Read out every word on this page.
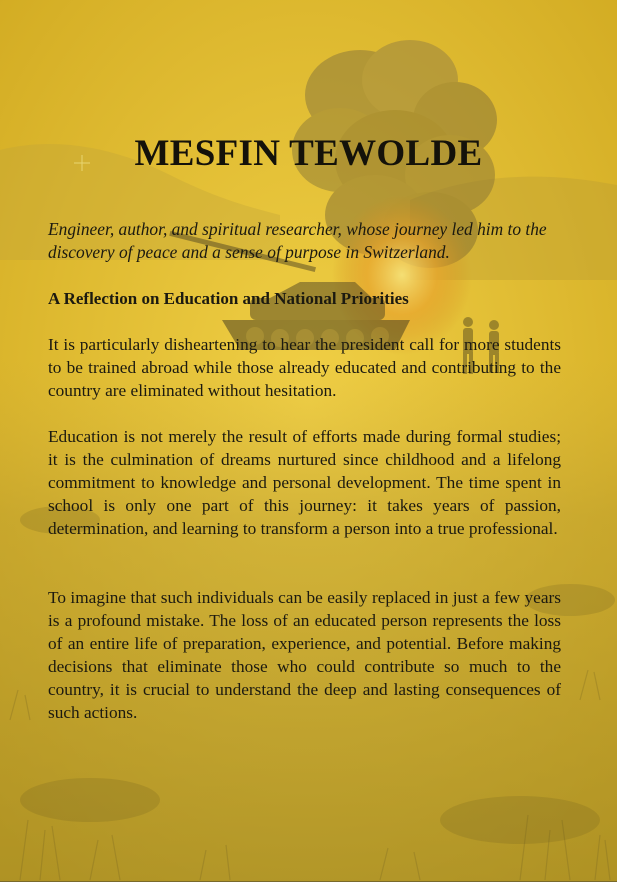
MESFIN TEWOLDE

Engineer, author, and spiritual researcher, whose journey led him to the discovery of peace and a sense of purpose in Switzerland.

A Reflection on Education and National Priorities

It is particularly disheartening to hear the president call for more students to be trained abroad while those already educated and contributing to the country are eliminated without hesitation.

Education is not merely the result of efforts made during formal studies; it is the culmination of dreams nurtured since childhood and a lifelong commitment to knowledge and personal development. The time spent in school is only one part of this journey: it takes years of passion, determination, and learning to transform a person into a true professional.

To imagine that such individuals can be easily replaced in just a few years is a profound mistake. The loss of an educated person represents the loss of an entire life of preparation, experience, and potential. Before making decisions that eliminate those who could contribute so much to the country, it is crucial to understand the deep and lasting consequences of such actions.
